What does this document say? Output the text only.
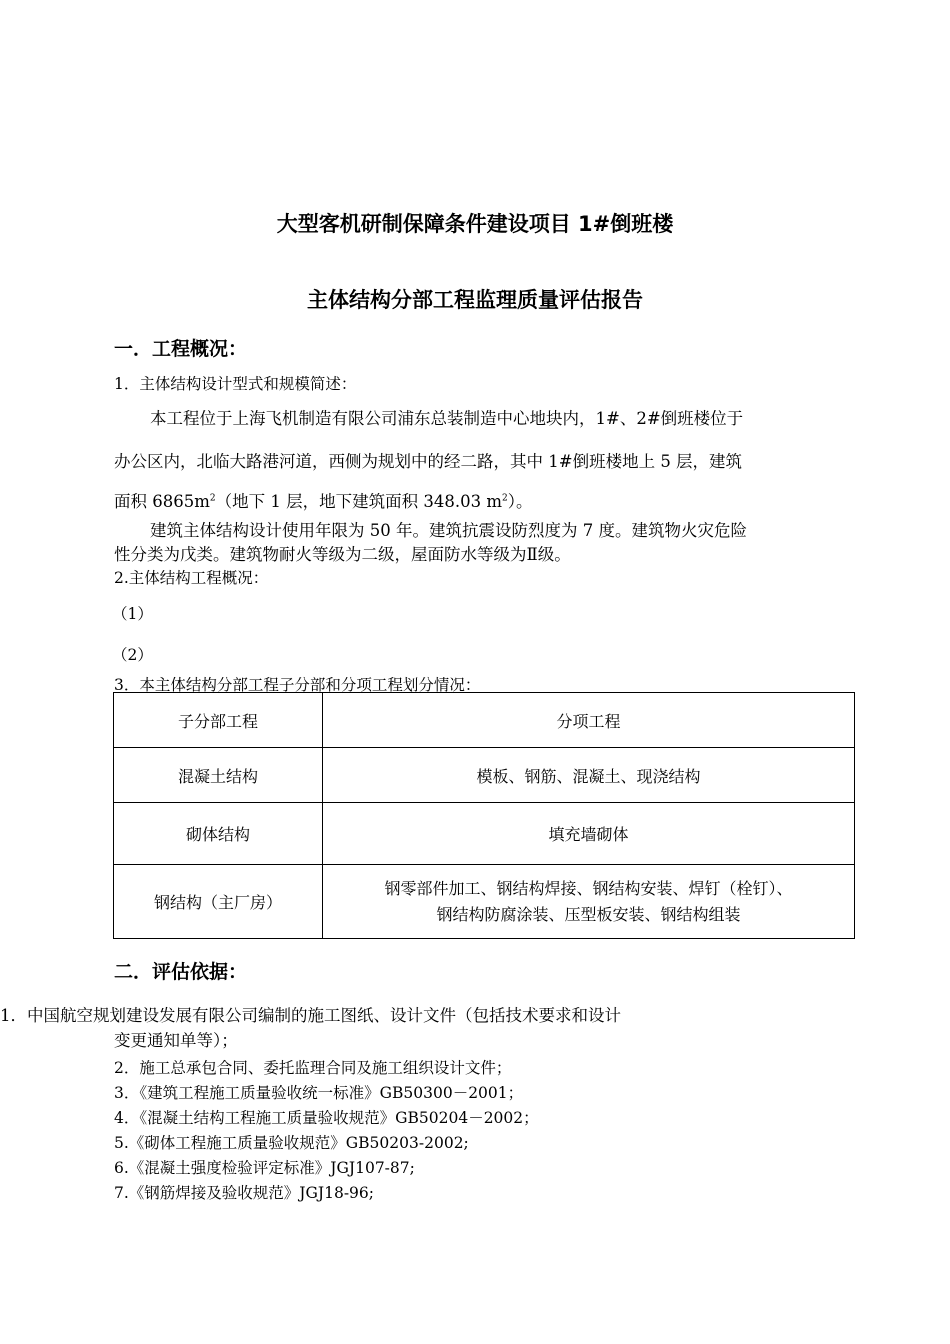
大型客机研制保障条件建设项目 1#倒班楼
主体结构分部工程监理质量评估报告
一．工程概况：
1．主体结构设计型式和规模简述：
本工程位于上海飞机制造有限公司浦东总装制造中心地块内，1#、2#倒班楼位于
办公区内，北临大路港河道，西侧为规划中的经二路，其中 1#倒班楼地上 5 层，建筑
面积 $6865m^2$（地下 1 层，地下建筑面积 348.03 $m^2$）。
建筑主体结构设计使用年限为 50 年。建筑抗震设防烈度为 7 度。建筑物火灾危险
性分类为戊类。建筑物耐火等级为二级，屋面防水等级为Ⅱ级。
2.主体结构工程概况：
（1）
（2）
3．本主体结构分部工程子分部和分项工程划分情况：
子分部工程	分项工程
混凝土结构	模板、钢筋、混凝土、现浇结构
砌体结构	填充墙砌体
钢结构（主厂房）	钢零部件加工、钢结构焊接、钢结构安装、焊钉（栓钉）、
钢结构防腐涂装、压型板安装、钢结构组装
二．评估依据：
1．中国航空规划建设发展有限公司编制的施工图纸、设计文件（包括技术要求和设计
变更通知单等）；
2．施工总承包合同、委托监理合同及施工组织设计文件；
3．《建筑工程施工质量验收统一标准》GB50300－2001；
4．《混凝土结构工程施工质量验收规范》GB50204－2002；
5.《砌体工程施工质量验收规范》GB50203-2002;
6.《混凝土强度检验评定标准》JGJ107-87;
7.《钢筋焊接及验收规范》JGJ18-96;
